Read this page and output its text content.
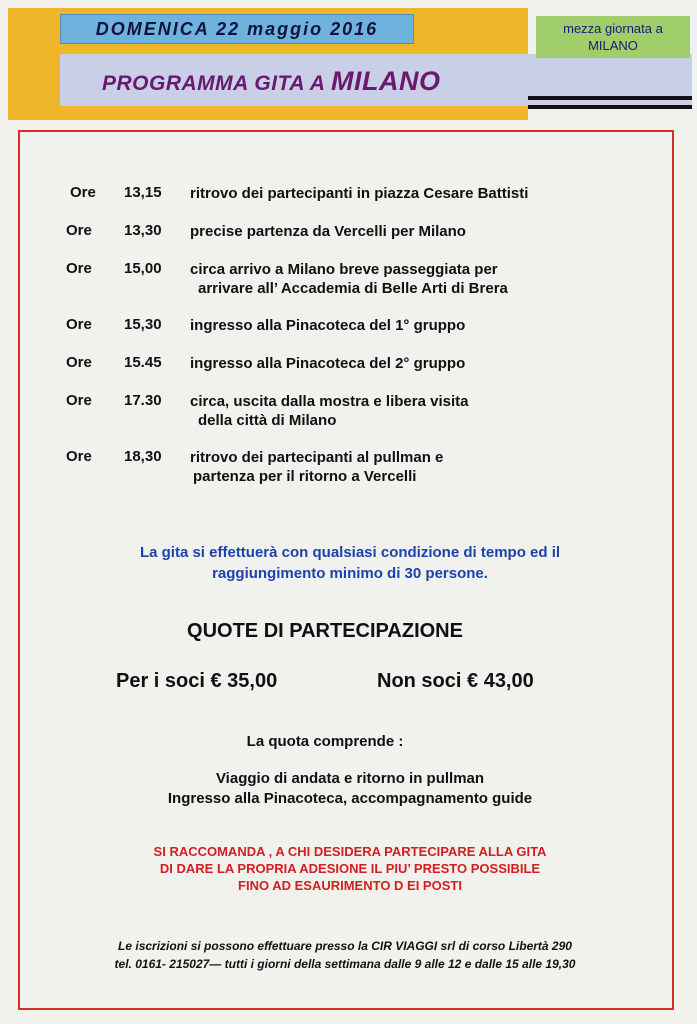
DOMENICA 22 maggio 2016
PROGRAMMA GITA A MILANO
mezza giornata a
MILANO
Ore 13,15 ritrovo dei partecipanti in piazza Cesare Battisti
Ore 13,30 precise partenza da Vercelli per Milano
Ore 15,00 circa arrivo a Milano breve passeggiata per
arrivare all’ Accademia di Belle Arti di Brera
Ore 15,30 ingresso alla Pinacoteca del 1° gruppo
Ore 15.45 ingresso alla Pinacoteca del 2° gruppo
Ore 17.30 circa, uscita dalla mostra e libera visita
della città di Milano
Ore 18,30 ritrovo dei partecipanti al pullman e
partenza per il ritorno a Vercelli
La gita si effettuerà con qualsiasi condizione di tempo ed il
raggiungimento minimo di 30 persone.
QUOTE DI PARTECIPAZIONE
Per i soci € 35,00	Non soci € 43,00
La quota comprende :
Viaggio di andata e ritorno in pullman
Ingresso alla Pinacoteca, accompagnamento guide
SI RACCOMANDA , A CHI DESIDERA PARTECIPARE ALLA GITA
DI DARE LA PROPRIA ADESIONE IL PIU’ PRESTO POSSIBILE
FINO AD ESAURIMENTO D EI POSTI
Le iscrizioni si possono effettuare presso la CIR VIAGGI srl di corso Libertà 290
tel. 0161- 215027— tutti i giorni della settimana dalle 9 alle 12 e dalle 15 alle 19,30
